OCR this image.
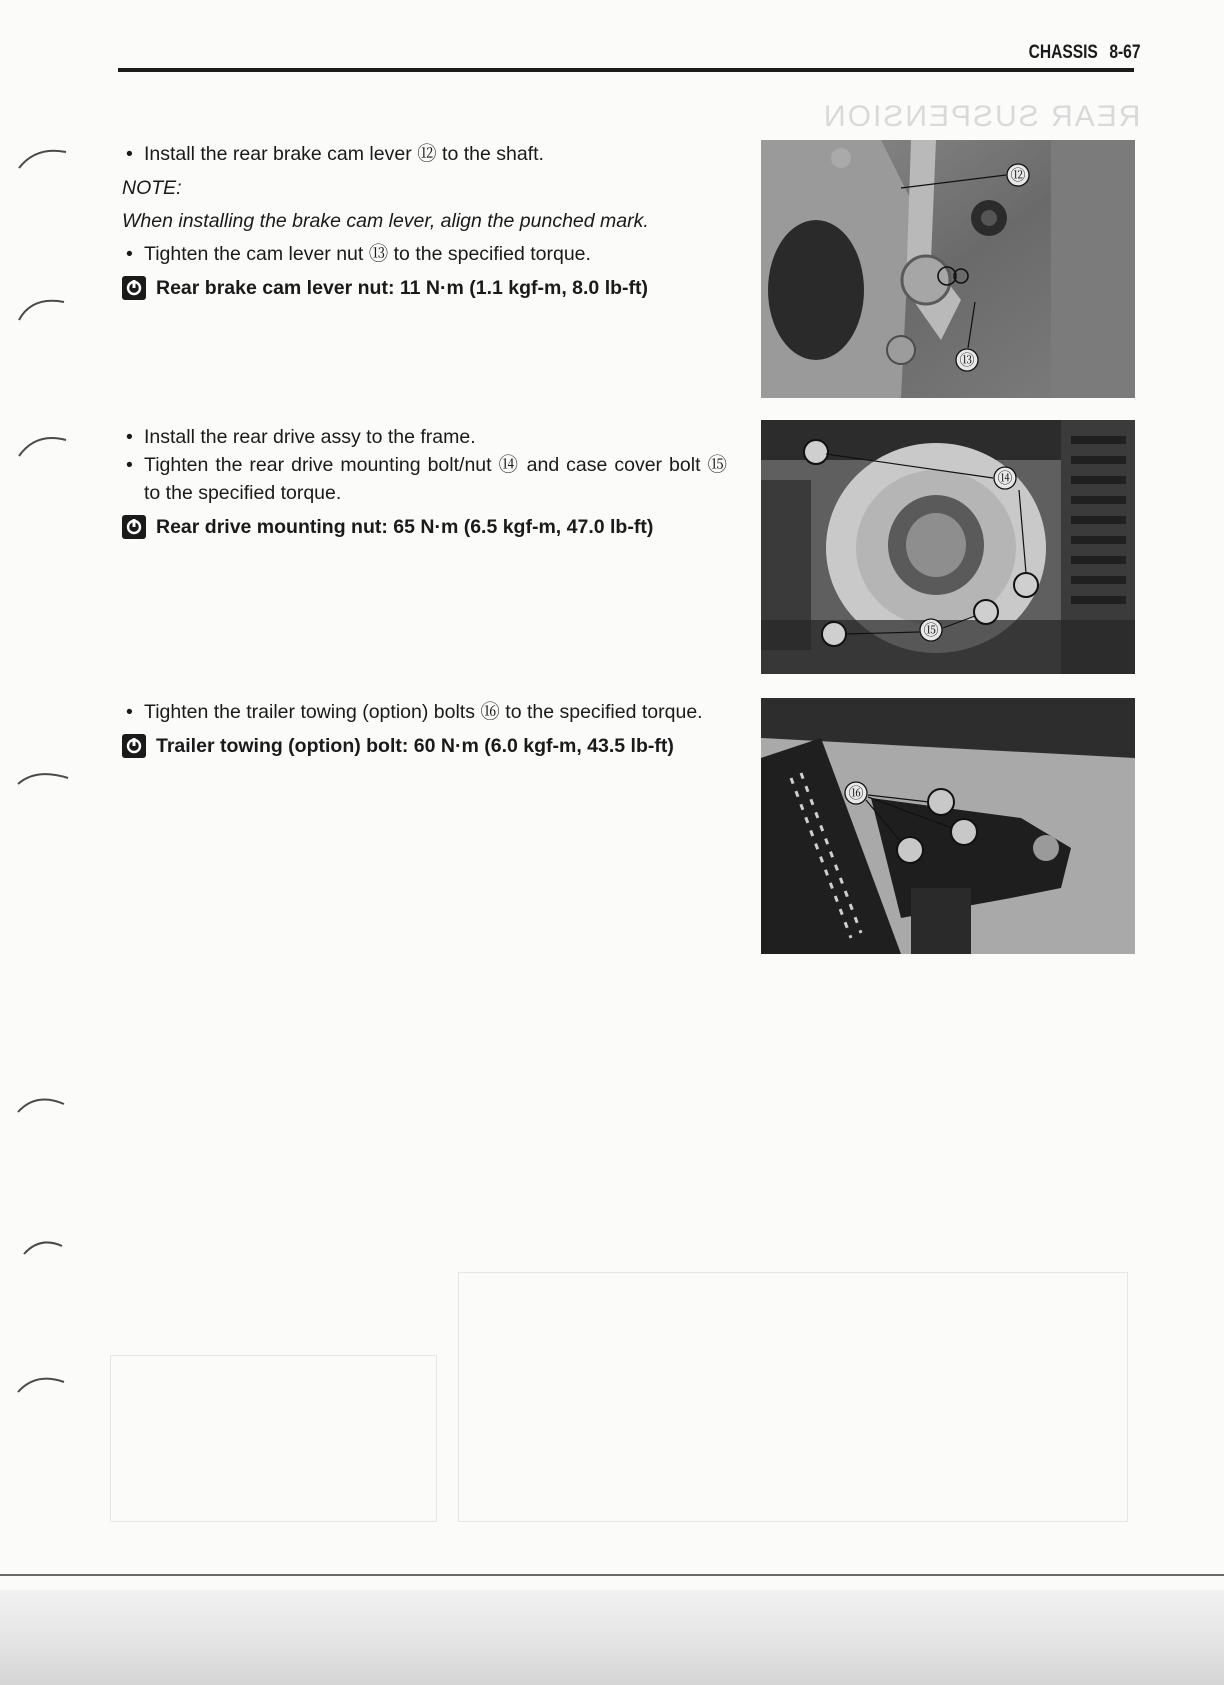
CHASSIS 8-67
REAR SUSPENSION
• Install the rear brake cam lever ⑫ to the shaft.
NOTE:
When installing the brake cam lever, align the punched mark.
• Tighten the cam lever nut ⑬ to the specified torque.
Rear brake cam lever nut: 11 N·m (1.1 kgf-m, 8.0 lb-ft)
• Install the rear drive assy to the frame.
• Tighten the rear drive mounting bolt/nut ⑭ and case cover bolt ⑮ to the specified torque.
Rear drive mounting nut: 65 N·m (6.5 kgf-m, 47.0 lb-ft)
• Tighten the trailer towing (option) bolts ⑯ to the specified torque.
Trailer towing (option) bolt: 60 N·m (6.0 kgf-m, 43.5 lb-ft)
⑫
⑬
⑭
⑮
⑯
